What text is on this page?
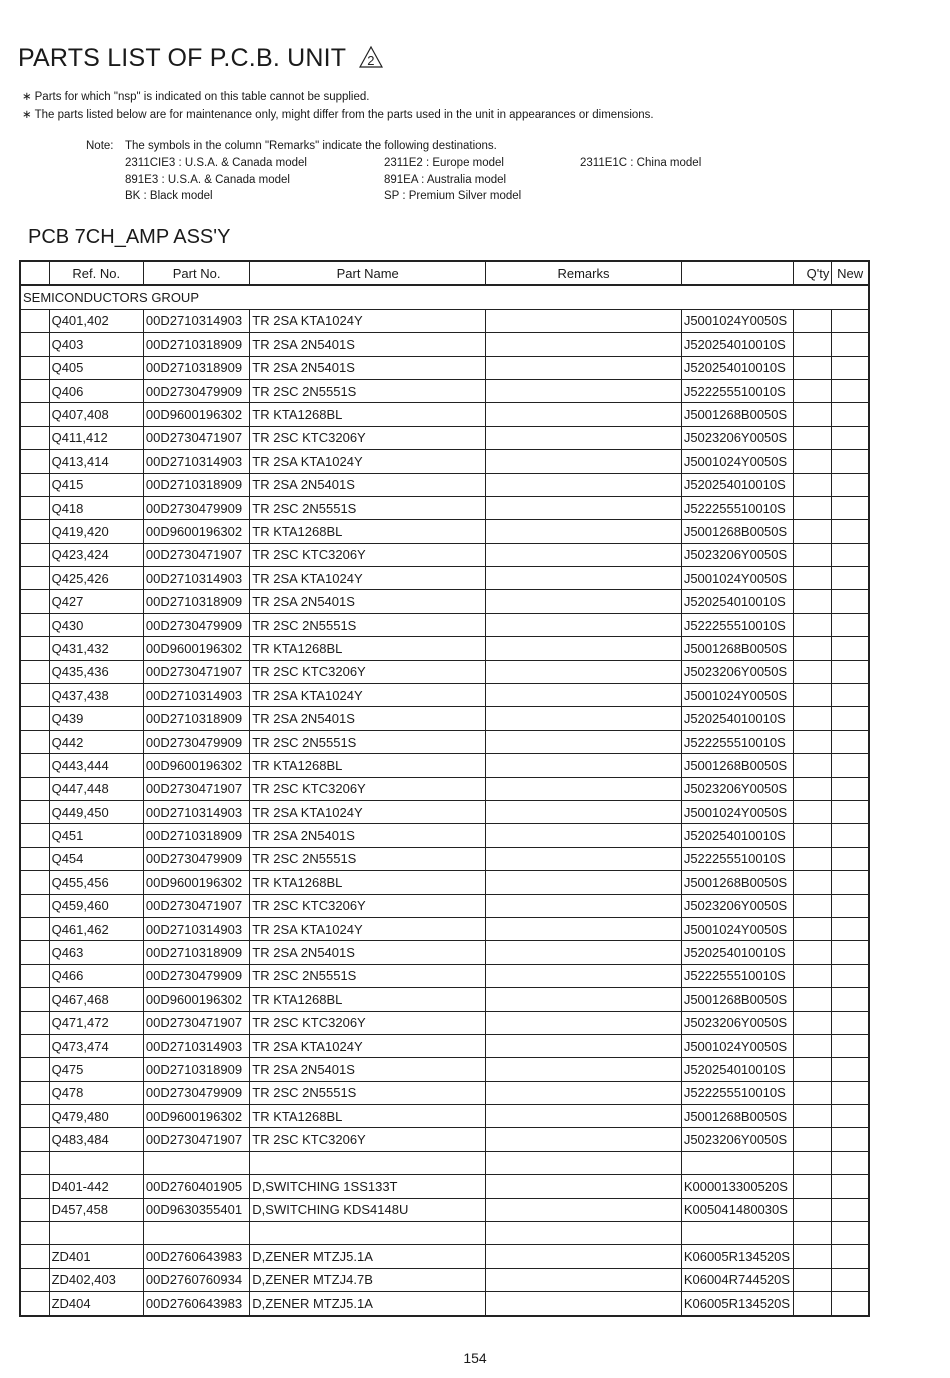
PARTS LIST OF P.C.B. UNIT 2
∗ Parts for which "nsp" is indicated on this table cannot be supplied.
∗ The parts listed below are for maintenance only, might differ from the parts used in the unit in appearances or dimensions.
Note: The symbols in the column "Remarks" indicate the following destinations.
2311CIE3 : U.S.A. & Canada model
891E3 : U.S.A. & Canada model
BK : Black model
2311E2 : Europe model
891EA : Australia model
SP : Premium Silver model
2311E1C : China model
PCB 7CH_AMP ASS'Y
	Ref. No.	Part No.	Part Name	Remarks		Q'ty	New
SEMICONDUCTORS GROUP							
	Q401,402	00D2710314903	TR 2SA KTA1024Y		J5001024Y0050S		
	Q403	00D2710318909	TR 2SA 2N5401S		J520254010010S		
	Q405	00D2710318909	TR 2SA 2N5401S		J520254010010S		
	Q406	00D2730479909	TR 2SC 2N5551S		J522255510010S		
	Q407,408	00D9600196302	TR KTA1268BL		J5001268B0050S		
	Q411,412	00D2730471907	TR 2SC KTC3206Y		J5023206Y0050S		
	Q413,414	00D2710314903	TR 2SA KTA1024Y		J5001024Y0050S		
	Q415	00D2710318909	TR 2SA 2N5401S		J520254010010S		
	Q418	00D2730479909	TR 2SC 2N5551S		J522255510010S		
	Q419,420	00D9600196302	TR KTA1268BL		J5001268B0050S		
	Q423,424	00D2730471907	TR 2SC KTC3206Y		J5023206Y0050S		
	Q425,426	00D2710314903	TR 2SA KTA1024Y		J5001024Y0050S		
	Q427	00D2710318909	TR 2SA 2N5401S		J520254010010S		
	Q430	00D2730479909	TR 2SC 2N5551S		J522255510010S		
	Q431,432	00D9600196302	TR KTA1268BL		J5001268B0050S		
	Q435,436	00D2730471907	TR 2SC KTC3206Y		J5023206Y0050S		
	Q437,438	00D2710314903	TR 2SA KTA1024Y		J5001024Y0050S		
	Q439	00D2710318909	TR 2SA 2N5401S		J520254010010S		
	Q442	00D2730479909	TR 2SC 2N5551S		J522255510010S		
	Q443,444	00D9600196302	TR KTA1268BL		J5001268B0050S		
	Q447,448	00D2730471907	TR 2SC KTC3206Y		J5023206Y0050S		
	Q449,450	00D2710314903	TR 2SA KTA1024Y		J5001024Y0050S		
	Q451	00D2710318909	TR 2SA 2N5401S		J520254010010S		
	Q454	00D2730479909	TR 2SC 2N5551S		J522255510010S		
	Q455,456	00D9600196302	TR KTA1268BL		J5001268B0050S		
	Q459,460	00D2730471907	TR 2SC KTC3206Y		J5023206Y0050S		
	Q461,462	00D2710314903	TR 2SA KTA1024Y		J5001024Y0050S		
	Q463	00D2710318909	TR 2SA 2N5401S		J520254010010S		
	Q466	00D2730479909	TR 2SC 2N5551S		J522255510010S		
	Q467,468	00D9600196302	TR KTA1268BL		J5001268B0050S		
	Q471,472	00D2730471907	TR 2SC KTC3206Y		J5023206Y0050S		
	Q473,474	00D2710314903	TR 2SA KTA1024Y		J5001024Y0050S		
	Q475	00D2710318909	TR 2SA 2N5401S		J520254010010S		
	Q478	00D2730479909	TR 2SC 2N5551S		J522255510010S		
	Q479,480	00D9600196302	TR KTA1268BL		J5001268B0050S		
	Q483,484	00D2730471907	TR 2SC KTC3206Y		J5023206Y0050S		

	D401-442	00D2760401905	D,SWITCHING 1SS133T		K000013300520S		
	D457,458	00D9630355401	D,SWITCHING KDS4148U		K005041480030S		

	ZD401	00D2760643983	D,ZENER MTZJ5.1A		K06005R134520S		
	ZD402,403	00D2760760934	D,ZENER MTZJ4.7B		K06004R744520S		
	ZD404	00D2760643983	D,ZENER MTZJ5.1A		K06005R134520S		
154
